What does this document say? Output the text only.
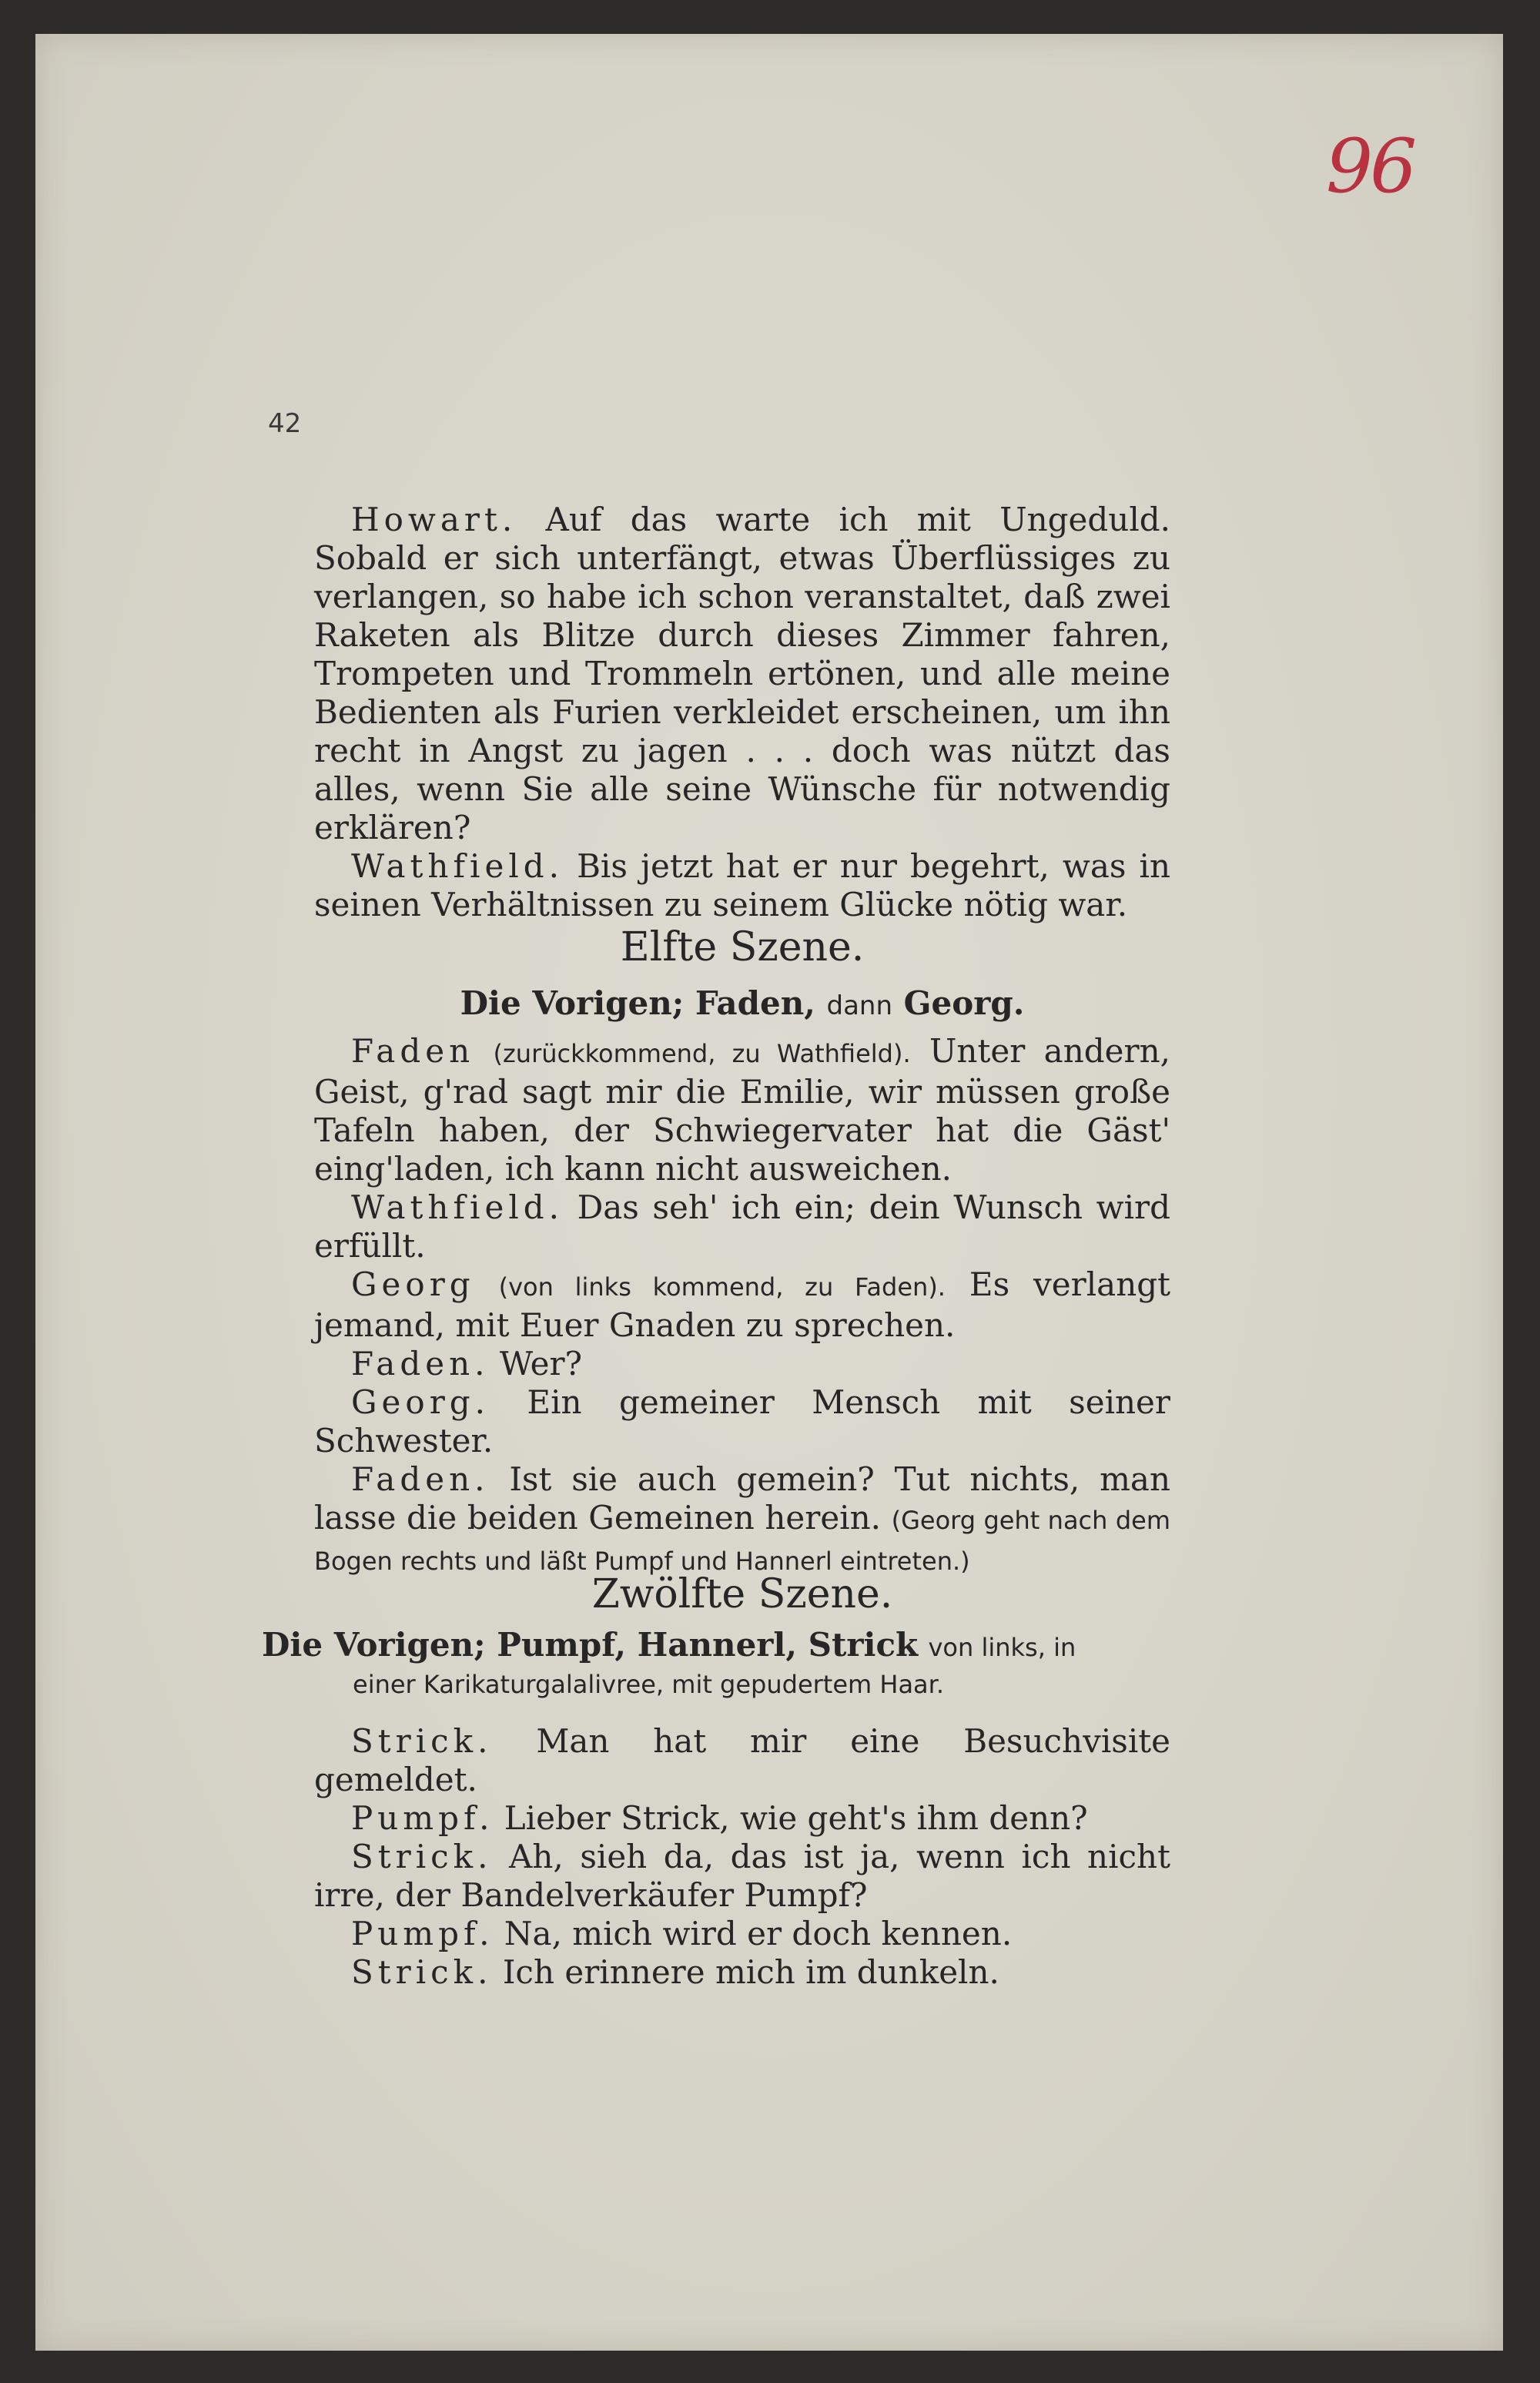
96
42

Howart. Auf das warte ich mit Ungeduld. Sobald er sich unterfängt, etwas Überflüssiges zu verlangen, so habe ich schon veranstaltet, daß zwei Raketen als Blitze durch dieses Zimmer fahren, Trompeten und Trommeln ertönen, und alle meine Bedienten als Furien verkleidet erscheinen, um ihn recht in Angst zu jagen . . . doch was nützt das alles, wenn Sie alle seine Wünsche für notwendig erklären?

Wathfield. Bis jetzt hat er nur begehrt, was in seinen Verhältnissen zu seinem Glücke nötig war.

Elfte Szene.
Die Vorigen; Faden, dann Georg.

Faden (zurückkommend, zu Wathfield). Unter andern, Geist, g'rad sagt mir die Emilie, wir müssen große Tafeln haben, der Schwiegervater hat die Gäst' eing'laden, ich kann nicht ausweichen.

Wathfield. Das seh' ich ein; dein Wunsch wird erfüllt.

Georg (von links kommend, zu Faden). Es verlangt jemand, mit Euer Gnaden zu sprechen.

Faden. Wer?

Georg. Ein gemeiner Mensch mit seiner Schwester.

Faden. Ist sie auch gemein? Tut nichts, man lasse die beiden Gemeinen herein. (Georg geht nach dem Bogen rechts und läßt Pumpf und Hannerl eintreten.)

Zwölfte Szene.
Die Vorigen; Pumpf, Hannerl, Strick von links, in
einer Karikaturgalalivree, mit gepudertem Haar.

Strick. Man hat mir eine Besuchvisite gemeldet.

Pumpf. Lieber Strick, wie geht's ihm denn?

Strick. Ah, sieh da, das ist ja, wenn ich nicht irre, der Bandelverkäufer Pumpf?

Pumpf. Na, mich wird er doch kennen.

Strick. Ich erinnere mich im dunkeln.
